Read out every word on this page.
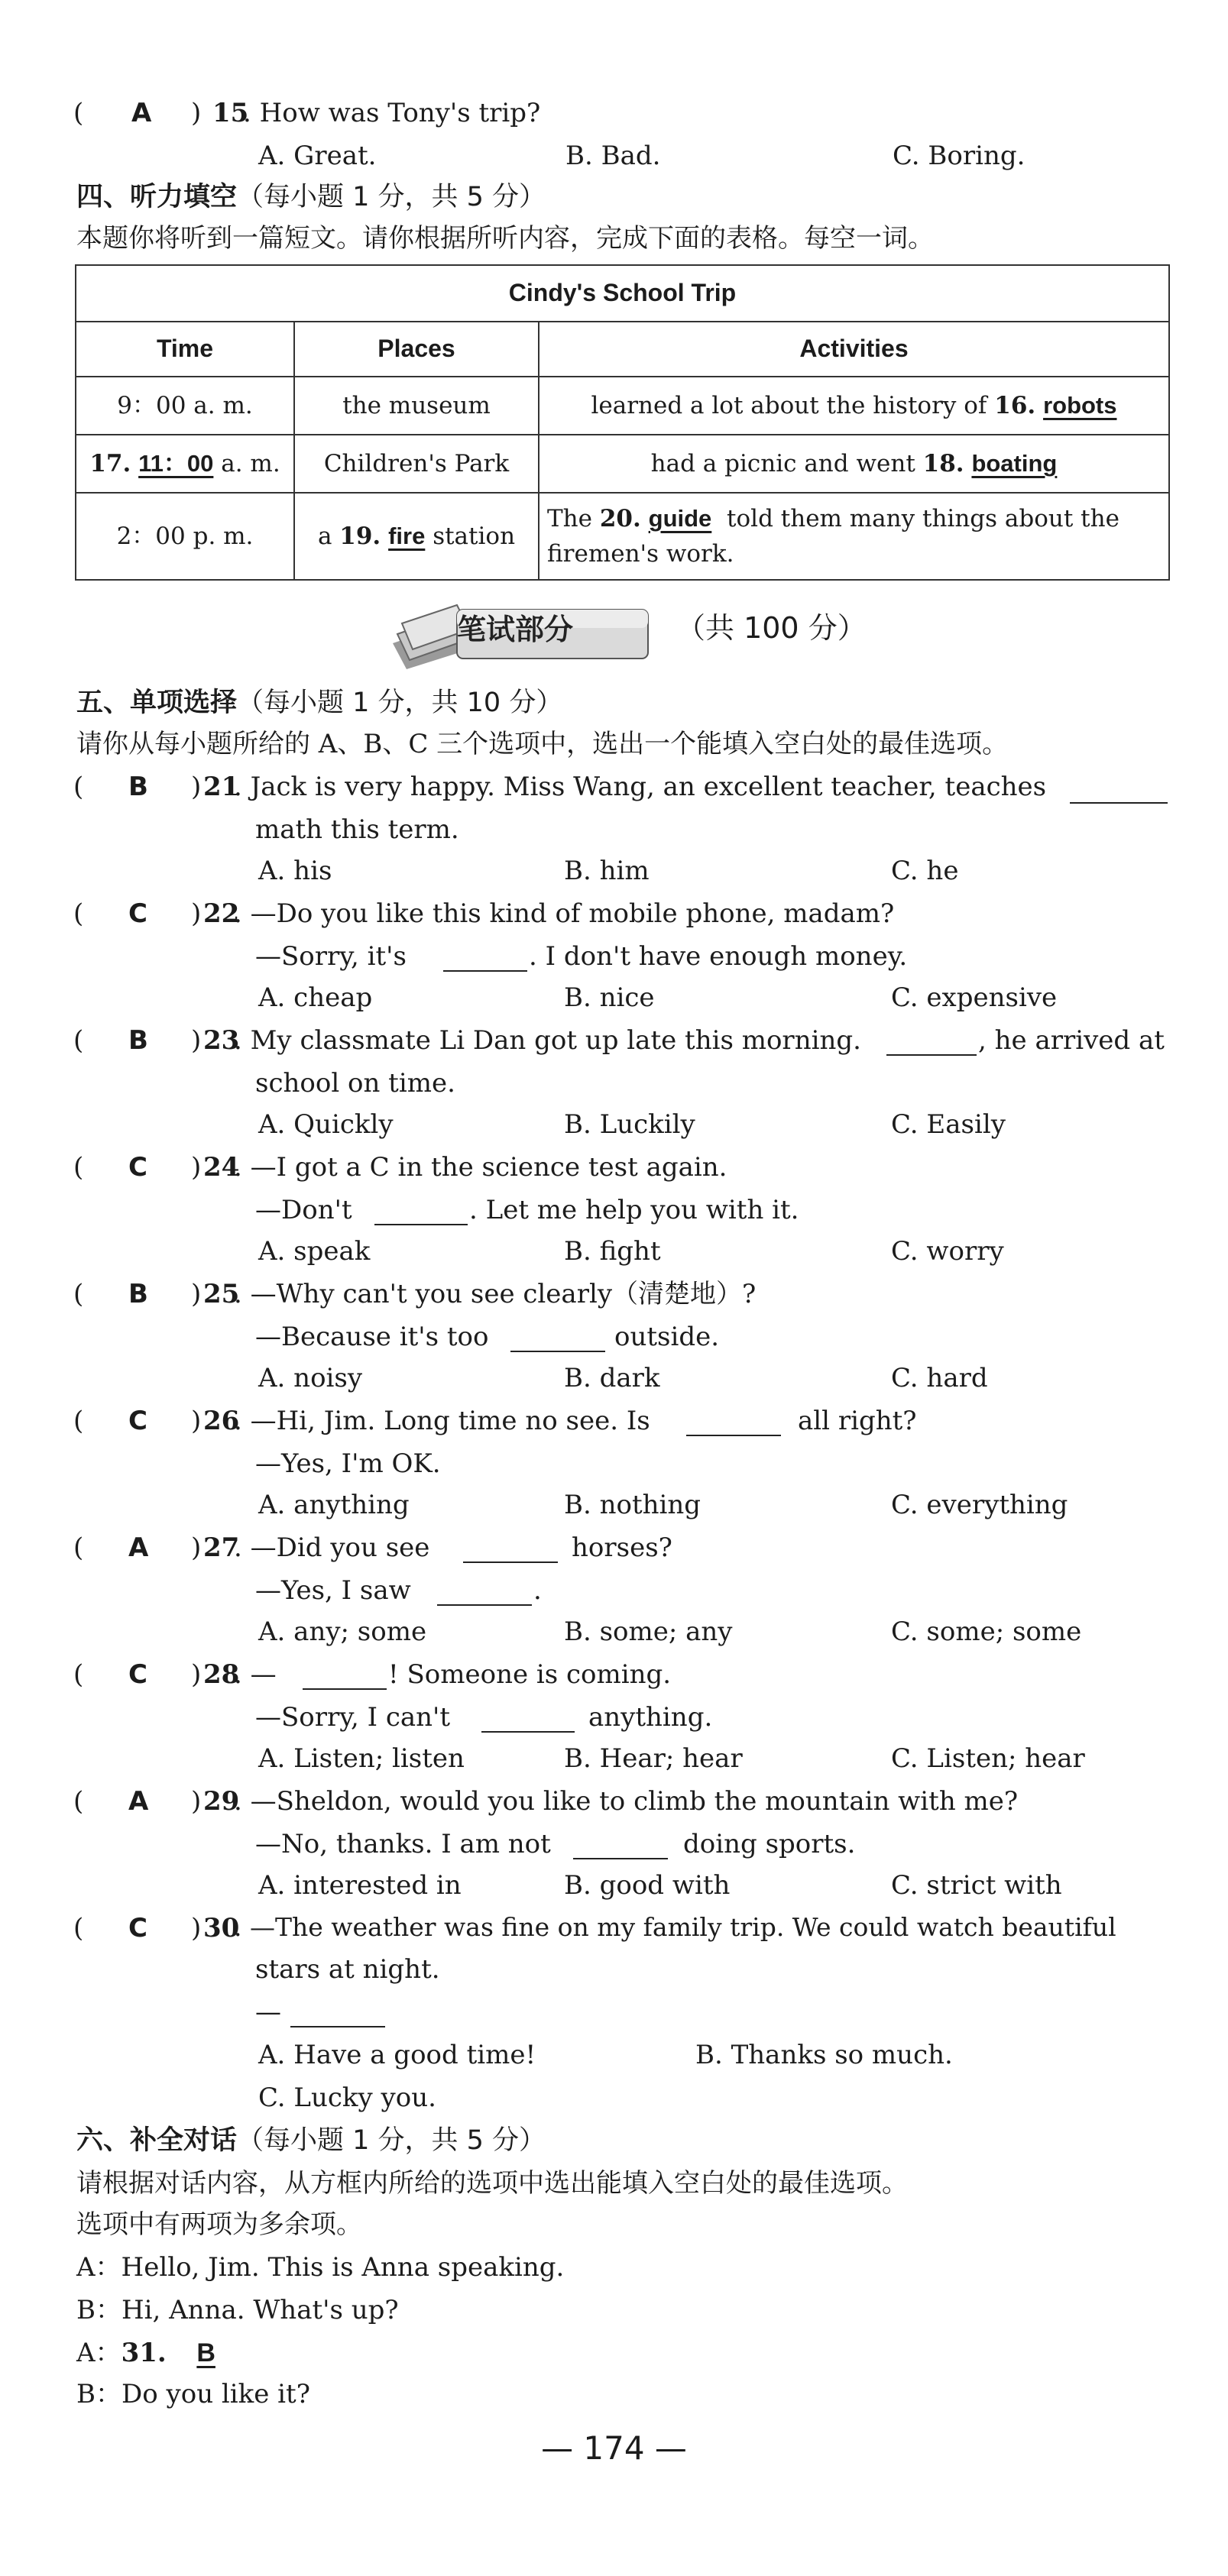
( A ) 15
. How was Tony's trip?
A. Great.	B. Bad.	C. Boring.
四、听力填空（每小题 1 分，共 5 分）
本题你将听到一篇短文。请你根据所听内容，完成下面的表格。每空一词。
Cindy's School Trip		
Time	Places	Activities
9：00 a. m.	the museum	learned a lot about the history of 16. robots
17. 11：00 a. m.	Children's Park	had a picnic and went 18. boating
2：00 p. m.	a 19. fire station	The 20. guide told them many things about the firemen's work.
笔试部分	（共 100 分）
五、单项选择（每小题 1 分，共 10 分）
请你从每小题所给的 A、B、C 三个选项中，选出一个能填入空白处的最佳选项。
( B ) 21
. Jack is very happy. Miss Wang, an excellent teacher, teaches
math this term.
A. his	B. him	C. he
( C ) 22
. —Do you like this kind of mobile phone, madam?
—Sorry, it's	. I don't have enough money.
A. cheap	B. nice	C. expensive
( B ) 23
. My classmate Li Dan got up late this morning.	, he arrived at
school on time.
A. Quickly	B. Luckily	C. Easily
( C ) 24
. —I got a C in the science test again.
—Don't	. Let me help you with it.
A. speak	B. fight	C. worry
( B ) 25
. —Why can't you see clearly（清楚地）?
—Because it's too	outside.
A. noisy	B. dark	C. hard
( C ) 26
. —Hi, Jim. Long time no see. Is	all right?
—Yes, I'm OK.
A. anything	B. nothing	C. everything
( A ) 27
. —Did you see	horses?
—Yes, I saw	.
A. any; some	B. some; any	C. some; some
( C ) 28
. —	! Someone is coming.
—Sorry, I can't	anything.
A. Listen; listen	B. Hear; hear	C. Listen; hear
( A ) 29
. —Sheldon, would you like to climb the mountain with me?
—No, thanks. I am not	doing sports.
A. interested in	B. good with	C. strict with
( C ) 30
. —The weather was fine on my family trip. We could watch beautiful
stars at night.
—
A. Have a good time!	B. Thanks so much.
C. Lucky you.
六、补全对话（每小题 1 分，共 5 分）
请根据对话内容，从方框内所给的选项中选出能填入空白处的最佳选项。
选项中有两项为多余项。
A：Hello, Jim. This is Anna speaking.
B：Hi, Anna. What's up?
A：31. B
B：Do you like it?
— 174 —
